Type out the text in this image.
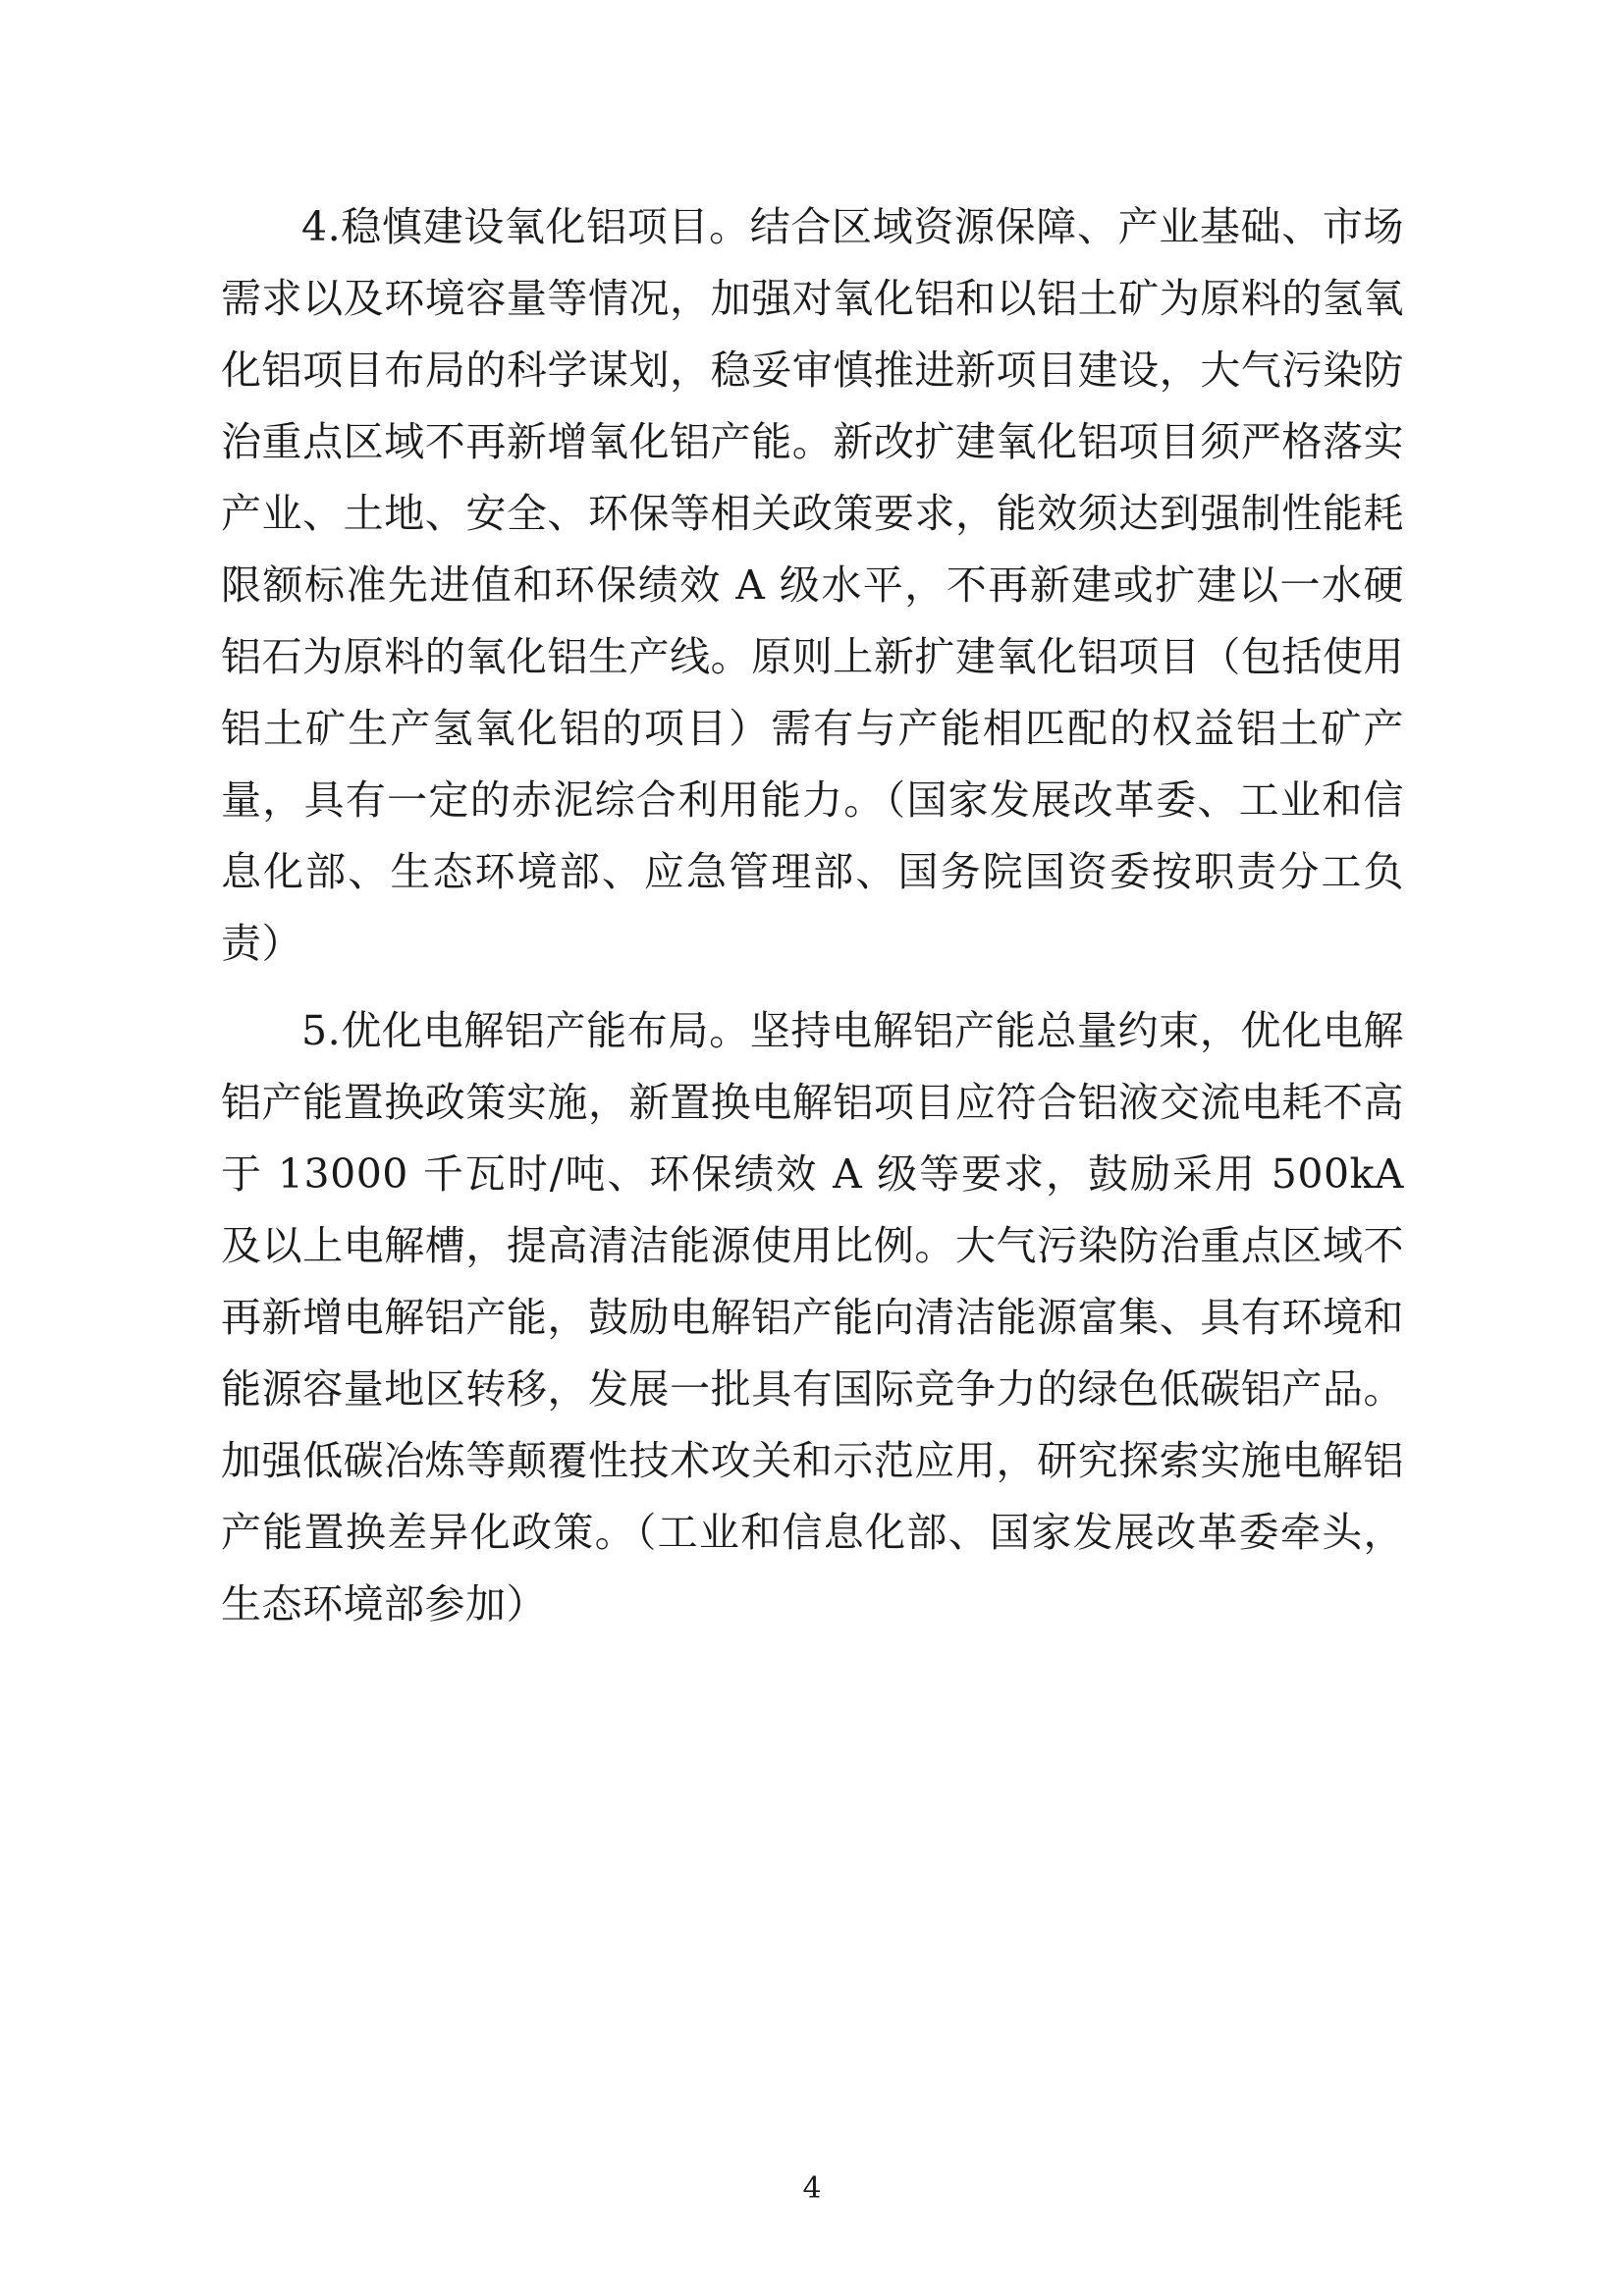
4.稳慎建设氧化铝项目。结合区域资源保障、产业基础、市场需求以及环境容量等情况，加强对氧化铝和以铝土矿为原料的氢氧化铝项目布局的科学谋划，稳妥审慎推进新项目建设，大气污染防治重点区域不再新增氧化铝产能。新改扩建氧化铝项目须严格落实产业、土地、安全、环保等相关政策要求，能效须达到强制性能耗限额标准先进值和环保绩效 A 级水平，不再新建或扩建以一水硬铝石为原料的氧化铝生产线。原则上新扩建氧化铝项目（包括使用铝土矿生产氢氧化铝的项目）需有与产能相匹配的权益铝土矿产量，具有一定的赤泥综合利用能力。（国家发展改革委、工业和信息化部、生态环境部、应急管理部、国务院国资委按职责分工负责）

5.优化电解铝产能布局。坚持电解铝产能总量约束，优化电解铝产能置换政策实施，新置换电解铝项目应符合铝液交流电耗不高于 13000 千瓦时/吨、环保绩效 A 级等要求，鼓励采用 500kA 及以上电解槽，提高清洁能源使用比例。大气污染防治重点区域不再新增电解铝产能，鼓励电解铝产能向清洁能源富集、具有环境和能源容量地区转移，发展一批具有国际竞争力的绿色低碳铝产品。加强低碳冶炼等颠覆性技术攻关和示范应用，研究探索实施电解铝产能置换差异化政策。（工业和信息化部、国家发展改革委牵头，生态环境部参加）

4
